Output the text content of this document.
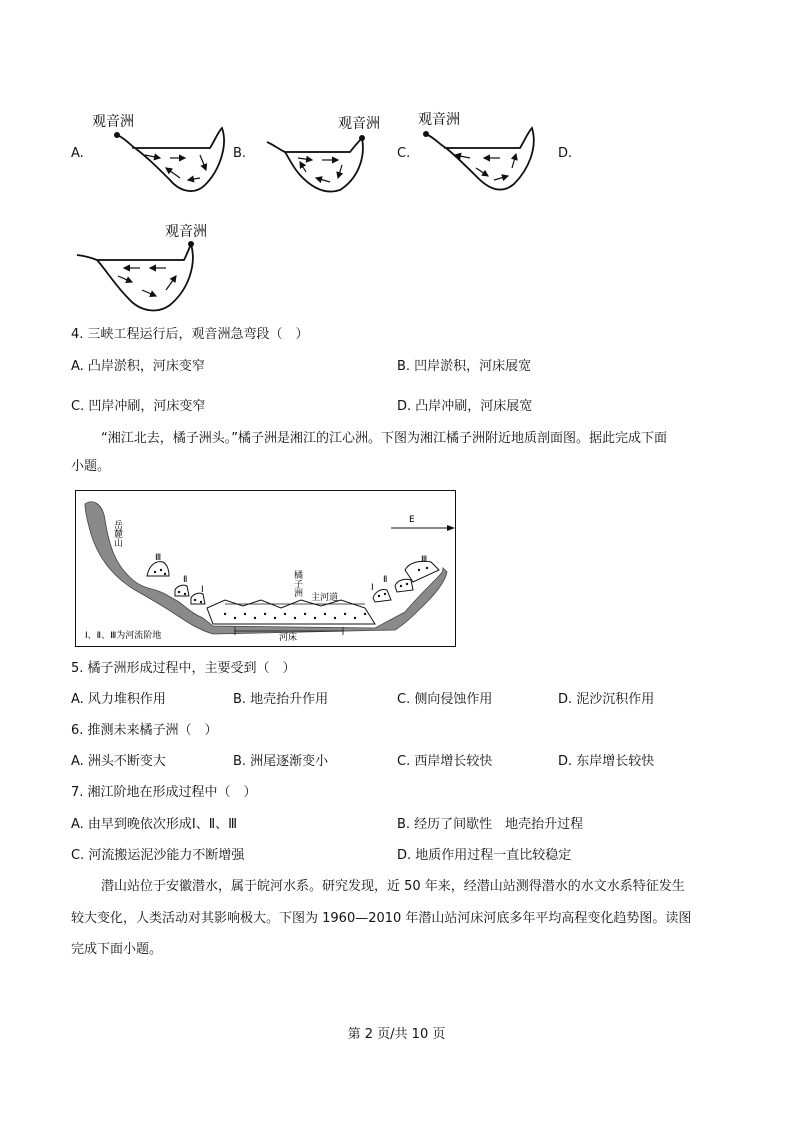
A.	B.	C.	D.
观音洲	观音洲	观音洲
观音洲
4. 三峡工程运行后，观音洲急弯段（　）
A. 凸岸淤积，河床变窄	B. 凹岸淤积，河床展宽
C. 凹岸冲刷，河床变窄	D. 凸岸冲刷，河床展宽
“湘江北去，橘子洲头。”橘子洲是湘江的江心洲。下图为湘江橘子洲附近地质剖面图。据此完成下面
小题。
岳麓山
Ⅲ
Ⅱ
Ⅰ	橘子洲
主河道
河床
Ⅰ
Ⅱ
Ⅲ
E
Ⅰ、Ⅱ、Ⅲ为河流阶地
5. 橘子洲形成过程中，主要受到（　）
A. 风力堆积作用	B. 地壳抬升作用	C. 侧向侵蚀作用	D. 泥沙沉积作用
6. 推测未来橘子洲（　）
A. 洲头不断变大	B. 洲尾逐渐变小	C. 西岸增长较快	D. 东岸增长较快
7. 湘江阶地在形成过程中（　）
A. 由早到晚依次形成Ⅰ、Ⅱ、Ⅲ	B. 经历了间歇性　地壳抬升过程
C. 河流搬运泥沙能力不断增强	D. 地质作用过程一直比较稳定
潜山站位于安徽潜水，属于皖河水系。研究发现，近 50 年来，经潜山站测得潜水的水文水系特征发生
较大变化，人类活动对其影响极大。下图为 1960—2010 年潜山站河床河底多年平均高程变化趋势图。读图
完成下面小题。
第 2 页/共 10 页
